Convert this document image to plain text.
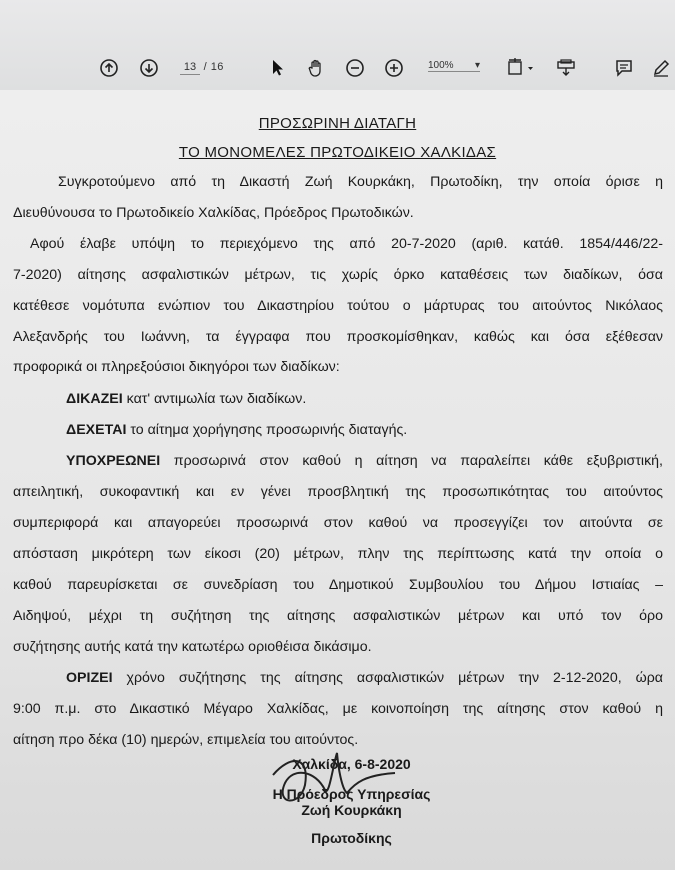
13 / 16	100% ▾
ΠΡΟΣΩΡΙΝΗ ΔΙΑΤΑΓΗ
ΤΟ ΜΟΝΟΜΕΛΕΣ ΠΡΩΤΟΔΙΚΕΙΟ ΧΑΛΚΙΔΑΣ
Συγκροτούμενο από τη Δικαστή Ζωή Κουρκάκη, Πρωτοδίκη, την οποία όρισε η
Διευθύνουσα το Πρωτοδικείο Χαλκίδας, Πρόεδρος Πρωτοδικών.
Αφού έλαβε υπόψη το περιεχόμενο της από 20-7-2020 (αριθ. κατάθ. 1854/446/22-
7-2020) αίτησης ασφαλιστικών μέτρων, τις χωρίς όρκο καταθέσεις των διαδίκων, όσα
κατέθεσε νομότυπα ενώπιον του Δικαστηρίου τούτου ο μάρτυρας του αιτούντος Νικόλαος
Αλεξανδρής του Ιωάννη, τα έγγραφα που προσκομίσθηκαν, καθώς και όσα εξέθεσαν
προφορικά οι πληρεξούσιοι δικηγόροι των διαδίκων:
ΔΙΚΑΖΕΙ κατ' αντιμωλία των διαδίκων.
ΔΕΧΕΤΑΙ το αίτημα χορήγησης προσωρινής διαταγής.
ΥΠΟΧΡΕΩΝΕΙ προσωρινά στον καθού η αίτηση να παραλείπει κάθε εξυβριστική,
απειλητική, συκοφαντική και εν γένει προσβλητική της προσωπικότητας του αιτούντος
συμπεριφορά και απαγορεύει προσωρινά στον καθού να προσεγγίζει τον αιτούντα σε
απόσταση μικρότερη των είκοσι (20) μέτρων, πλην της περίπτωσης κατά την οποία ο
καθού παρευρίσκεται σε συνεδρίαση του Δημοτικού Συμβουλίου του Δήμου Ιστιαίας –
Αιδηψού, μέχρι τη συζήτηση της αίτησης ασφαλιστικών μέτρων και υπό τον όρο
συζήτησης αυτής κατά την κατωτέρω οριοθέισα δικάσιμο.
ΟΡΙΖΕΙ χρόνο συζήτησης της αίτησης ασφαλιστικών μέτρων την 2-12-2020, ώρα
9:00 π.μ. στο Δικαστικό Μέγαρο Χαλκίδας, με κοινοποίηση της αίτησης στον καθού η
αίτηση προ δέκα (10) ημερών, επιμελεία του αιτούντος.
Χαλκίδα, 6-8-2020
Η Πρόεδρος Υπηρεσίας
Ζωή Κουρκάκη
Πρωτοδίκης
